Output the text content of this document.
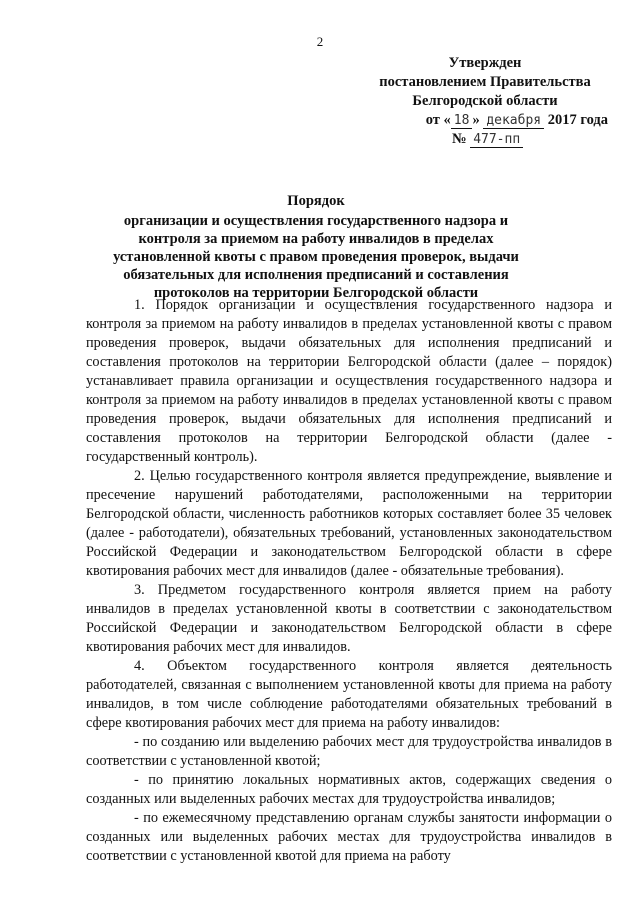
2
Утвержден
постановлением Правительства
Белгородской области
от « 18 » декабря 2017 года
№ 477-пп
Порядок
организации и осуществления государственного надзора и контроля за приемом на работу инвалидов в пределах установленной квоты с правом проведения проверок, выдачи обязательных для исполнения предписаний и составления протоколов на территории Белгородской области

1. Порядок организации и осуществления государственного надзора и контроля за приемом на работу инвалидов в пределах установленной квоты с правом проведения проверок, выдачи обязательных для исполнения предписаний и составления протоколов на территории Белгородской области (далее – порядок) устанавливает правила организации и осуществления государственного надзора и контроля за приемом на работу инвалидов в пределах установленной квоты с правом проведения проверок, выдачи обязательных для исполнения предписаний и составления протоколов на территории Белгородской области (далее - государственный контроль).

2. Целью государственного контроля является предупреждение, выявление и пресечение нарушений работодателями, расположенными на территории Белгородской области, численность работников которых составляет более 35 человек (далее - работодатели), обязательных требований, установленных законодательством Российской Федерации и законодательством Белгородской области в сфере квотирования рабочих мест для инвалидов (далее - обязательные требования).

3. Предметом государственного контроля является прием на работу инвалидов в пределах установленной квоты в соответствии с законодательством Российской Федерации и законодательством Белгородской области в сфере квотирования рабочих мест для инвалидов.

4. Объектом государственного контроля является деятельность работодателей, связанная с выполнением установленной квоты для приема на работу инвалидов, в том числе соблюдение работодателями обязательных требований в сфере квотирования рабочих мест для приема на работу инвалидов:

- по созданию или выделению рабочих мест для трудоустройства инвалидов в соответствии с установленной квотой;

- по принятию локальных нормативных актов, содержащих сведения о созданных или выделенных рабочих местах для трудоустройства инвалидов;

- по ежемесячному представлению органам службы занятости информации о созданных или выделенных рабочих местах для трудоустройства инвалидов в соответствии с установленной квотой для приема на работу
